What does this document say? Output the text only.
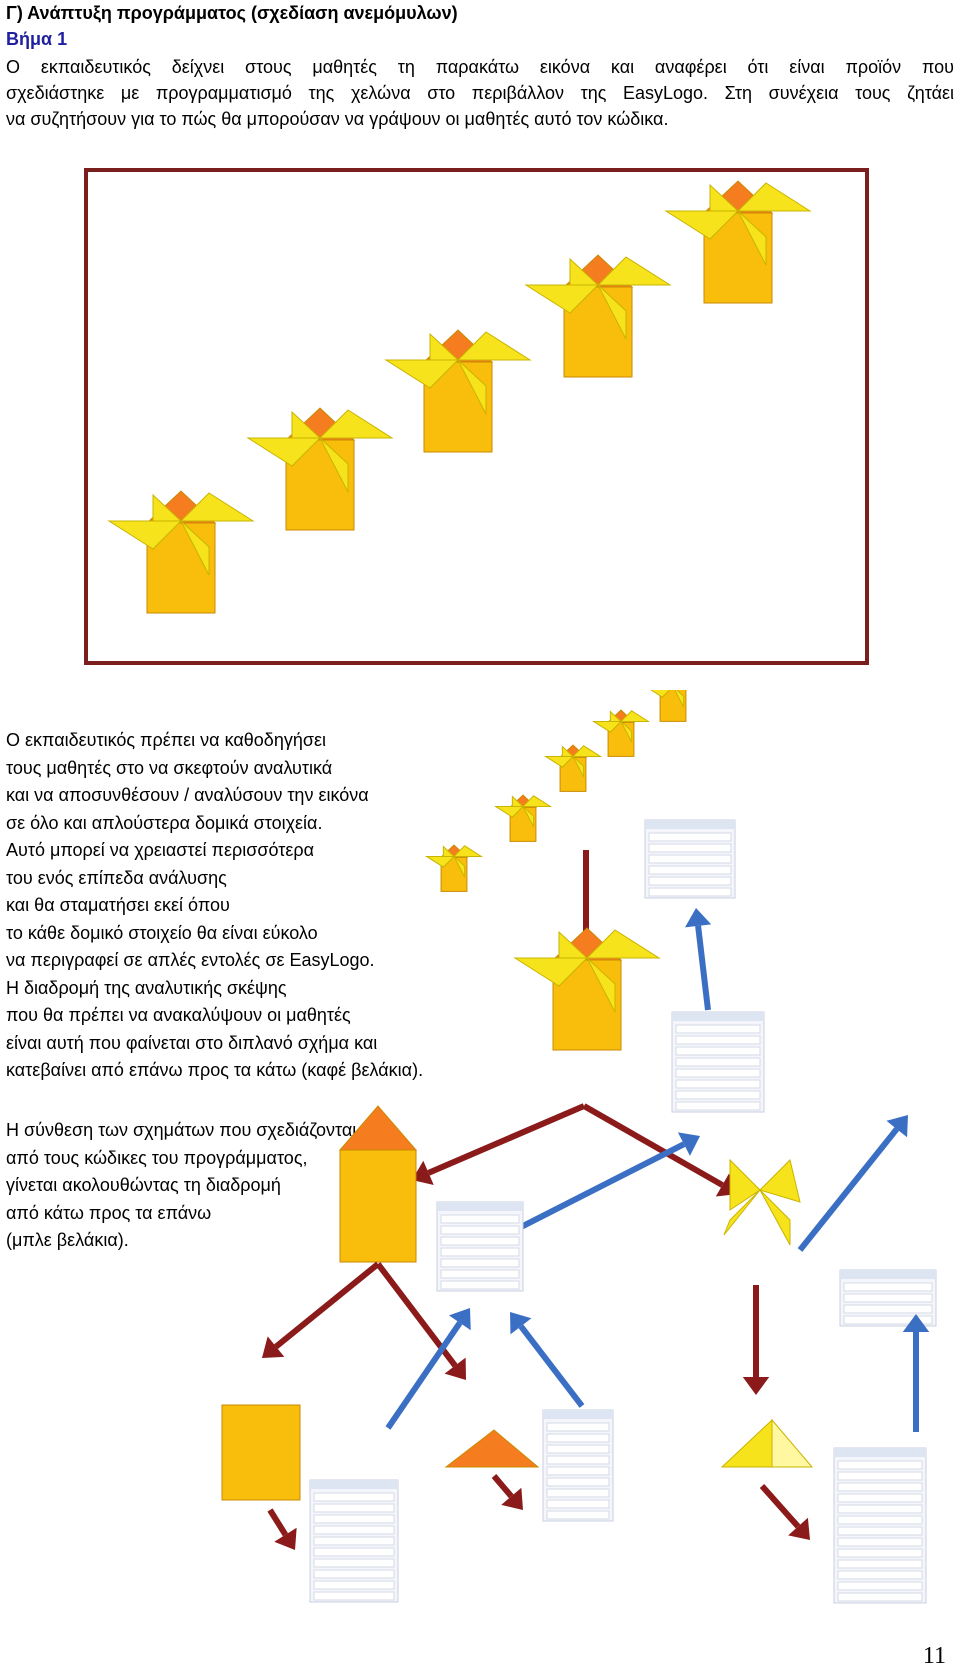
Γ) Ανάπτυξη προγράμματος (σχεδίαση ανεμόμυλων)
Βήμα 1
Ο εκπαιδευτικός δείχνει στους μαθητές τη παρακάτω εικόνα και αναφέρει ότι είναι προϊόν που
σχεδιάστηκε με προγραμματισμό της χελώνα στο περιβάλλον της EasyLogo. Στη συνέχεια τους ζητάει
να συζητήσουν για το πώς θα μπορούσαν να γράψουν οι μαθητές αυτό τον κώδικα.
Ο εκπαιδευτικός πρέπει να καθοδηγήσει
τους μαθητές στο να σκεφτούν αναλυτικά
και να αποσυνθέσουν / αναλύσουν την εικόνα
σε όλο και απλούστερα δομικά στοιχεία.
Αυτό μπορεί να χρειαστεί περισσότερα
του ενός επίπεδα ανάλυσης
και θα σταματήσει εκεί όπου
το κάθε δομικό στοιχείο θα είναι εύκολο
να περιγραφεί σε απλές εντολές σε EasyLogo.
Η διαδρομή της αναλυτικής σκέψης
που θα πρέπει να ανακαλύψουν οι μαθητές
είναι αυτή που φαίνεται στο διπλανό σχήμα και
κατεβαίνει από επάνω προς τα κάτω (καφέ βελάκια).
Η σύνθεση των σχημάτων που σχεδιάζονται
από τους κώδικες του προγράμματος,
γίνεται ακολουθώντας τη διαδρομή
από κάτω προς τα επάνω
(μπλε βελάκια).
11
